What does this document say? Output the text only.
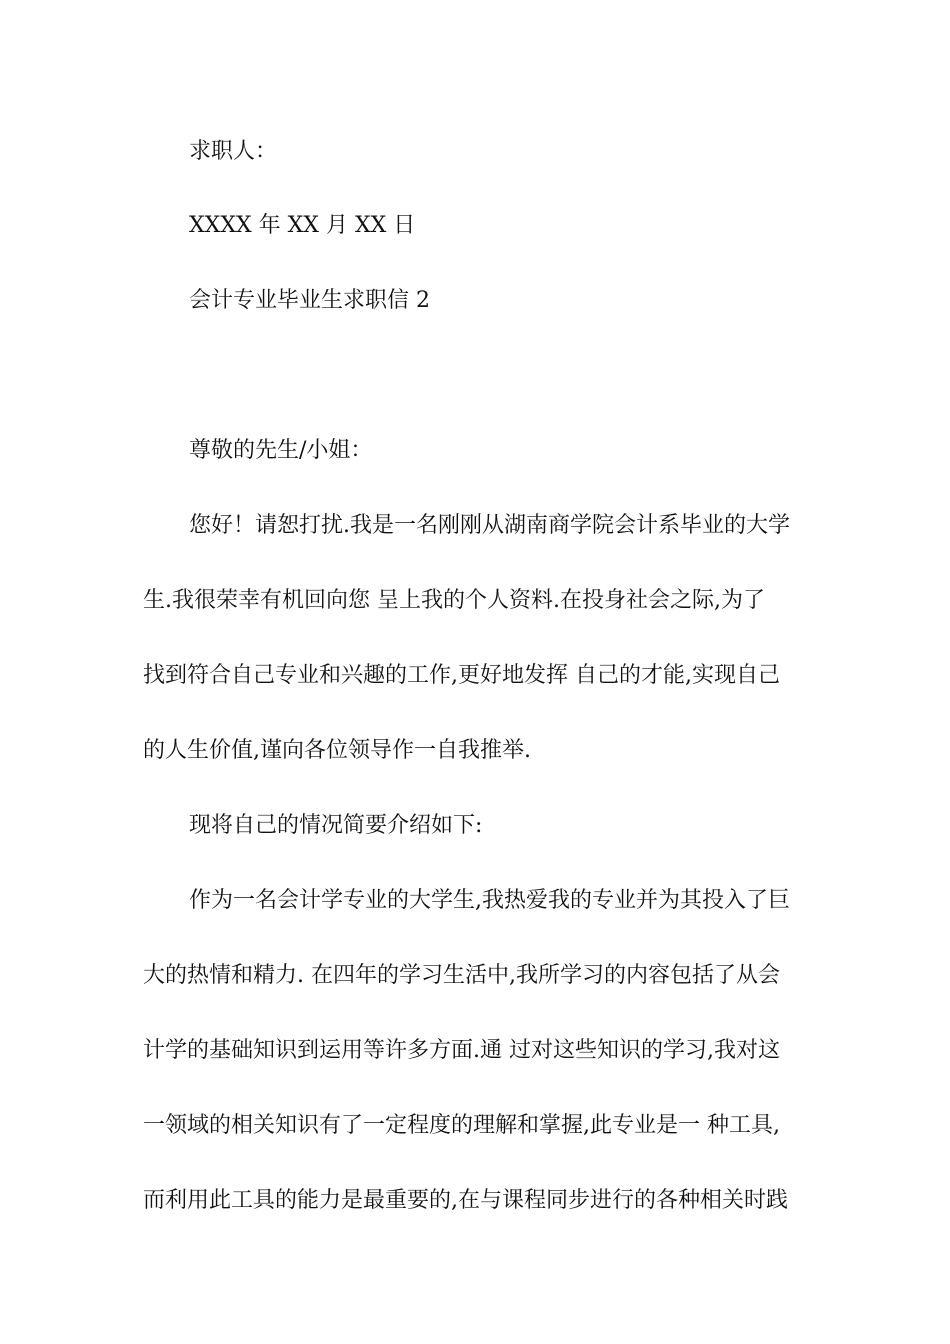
求职人：
XXXX 年 XX 月 XX 日
会计专业毕业生求职信 2
尊敬的先生/小姐：
您好！请恕打扰.我是一名刚刚从湖南商学院会计系毕业的大学
生.我很荣幸有机回向您 呈上我的个人资料.在投身社会之际,为了
找到符合自己专业和兴趣的工作,更好地发挥 自己的才能,实现自己
的人生价值,谨向各位领导作一自我推举.
现将自己的情况简要介绍如下:
作为一名会计学专业的大学生,我热爱我的专业并为其投入了巨
大的热情和精力. 在四年的学习生活中,我所学习的内容包括了从会
计学的基础知识到运用等许多方面.通 过对这些知识的学习,我对这
一领域的相关知识有了一定程度的理解和掌握,此专业是一 种工具,
而利用此工具的能力是最重要的,在与课程同步进行的各种相关时践
